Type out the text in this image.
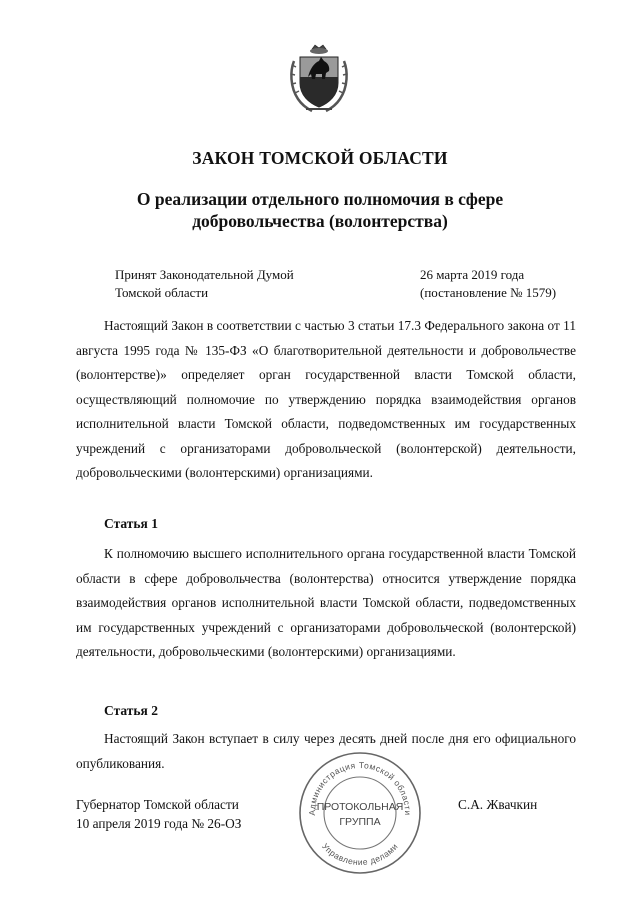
ЗАКОН ТОМСКОЙ ОБЛАСТИ
О реализации отдельного полномочия в сфере
добровольчества (волонтерства)
Принят Законодательной Думой
Томской области
26 марта 2019 года
(постановление № 1579)

Настоящий Закон в соответствии с частью 3 статьи 17.3 Федерального закона от 11 августа 1995 года № 135-ФЗ «О благотворительной деятельности и добровольчестве (волонтерстве)» определяет орган государственной власти Томской области, осуществляющий полномочие по утверждению порядка взаимодействия органов исполнительной власти Томской области, подведомственных им государственных учреждений с организаторами добровольческой (волонтерской) деятельности, добровольческими (волонтерскими) организациями.

Статья 1

К полномочию высшего исполнительного органа государственной власти Томской области в сфере добровольчества (волонтерства) относится утверждение порядка взаимодействия органов исполнительной власти Томской области, подведомственных им государственных учреждений с организаторами добровольческой (волонтерской) деятельности, добровольческими (волонтерскими) организациями.

Статья 2

Настоящий Закон вступает в силу через десять дней после дня его официального опубликования.

Губернатор Томской области
10 апреля 2019 года № 26-ОЗ
С.А. Жвачкин
Администрация Томской области
Управление делами
ПРОТОКОЛЬНАЯ
ГРУППА
